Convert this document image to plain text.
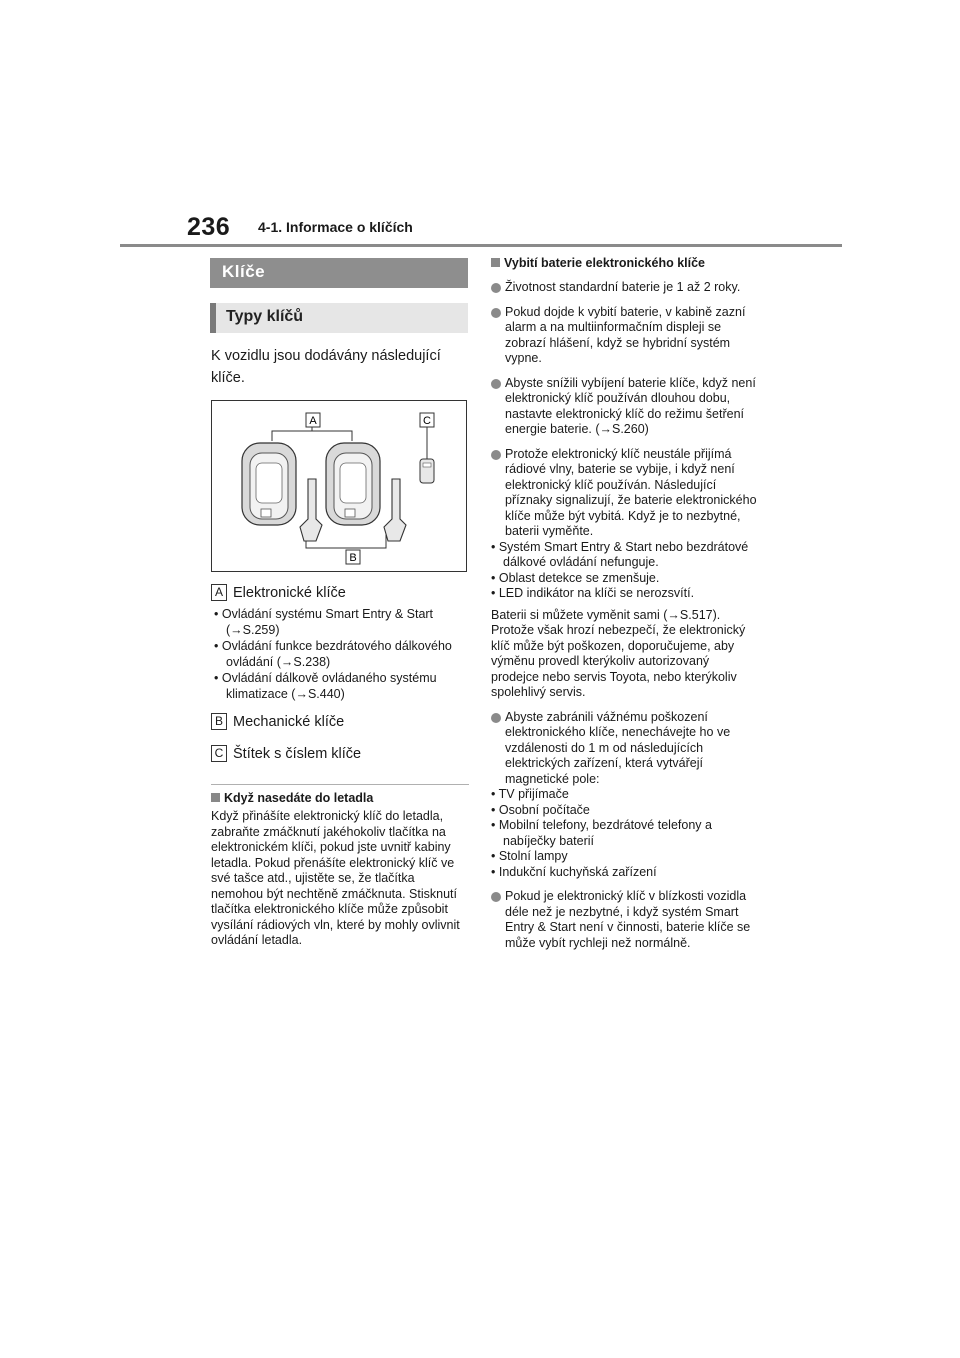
236 4-1. Informace o klíčích
Klíče
Typy klíčů
K vozidlu jsou dodávány následující klíče.
A	C
B
A Elektronické klíče
• Ovládání systému Smart Entry & Start (→S.259)
• Ovládání funkce bezdrátového dálkového ovládání (→S.238)
• Ovládání dálkově ovládaného systému klimatizace (→S.440)
B Mechanické klíče
C Štítek s číslem klíče
Když nasedáte do letadla
Když přinášíte elektronický klíč do letadla, zabraňte zmáčknutí jakéhokoliv tlačítka na elektronickém klíči, pokud jste uvnitř kabiny letadla. Pokud přenášíte elektronický klíč ve své tašce atd., ujistěte se, že tlačítka nemohou být nechtěně zmáčknuta. Stisknutí tlačítka elektronického klíče může způsobit vysílání rádiových vln, které by mohly ovlivnit ovládání letadla.
Vybití baterie elektronického klíče
Životnost standardní baterie je 1 až 2 roky.
Pokud dojde k vybití baterie, v kabině zazní alarm a na multiinformačním displeji se zobrazí hlášení, když se hybridní systém vypne.
Abyste snížili vybíjení baterie klíče, když není elektronický klíč používán dlouhou dobu, nastavte elektronický klíč do režimu šetření energie baterie. (→S.260)
Protože elektronický klíč neustále přijímá rádiové vlny, baterie se vybije, i když není elektronický klíč používán. Následující příznaky signalizují, že baterie elektronického klíče může být vybitá. Když je to nezbytné, baterii vyměňte.
• Systém Smart Entry & Start nebo bezdrátové dálkové ovládání nefunguje.
• Oblast detekce se zmenšuje.
• LED indikátor na klíči se nerozsvítí.
Baterii si můžete vyměnit sami (→S.517). Protože však hrozí nebezpečí, že elektronický klíč může být poškozen, doporučujeme, aby výměnu provedl kterýkoliv autorizovaný prodejce nebo servis Toyota, nebo kterýkoliv spolehlivý servis.
Abyste zabránili vážnému poškození elektronického klíče, nenechávejte ho ve vzdálenosti do 1 m od následujících elektrických zařízení, která vytvářejí magnetické pole:
• TV přijímače
• Osobní počítače
• Mobilní telefony, bezdrátové telefony a nabíječky baterií
• Stolní lampy
• Indukční kuchyňská zařízení
Pokud je elektronický klíč v blízkosti vozidla déle než je nezbytné, i když systém Smart Entry & Start není v činnosti, baterie klíče se může vybít rychleji než normálně.
